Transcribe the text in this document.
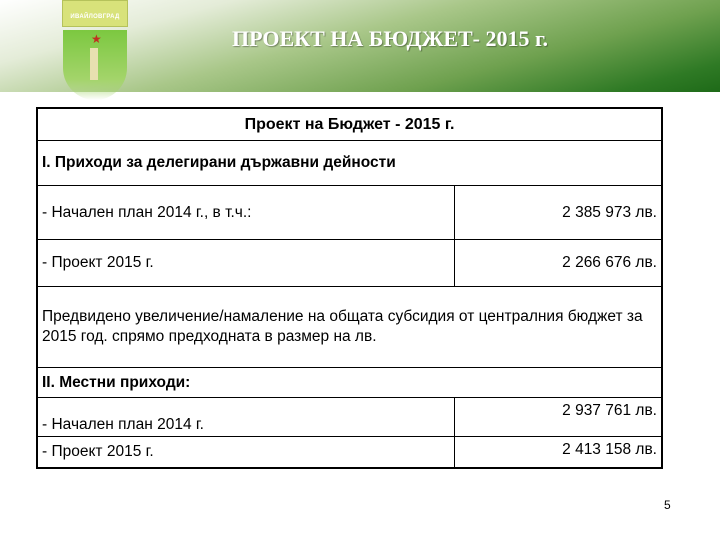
ИВАЙЛОВГРАД
★	ПРОЕКТ НА БЮДЖЕТ- 2015 г.
Проект на Бюджет - 2015 г.	
I. Приходи за делегирани държавни дейности	
- Начален план 2014 г., в т.ч.:	2 385 973 лв.
- Проект 2015 г.	2 266 676 лв.
Предвидено увеличение/намаление на общата субсидия от централния бюджет за 2015 год. спрямо предходната в размер на лв.	
II. Местни приходи:	
- Начален план 2014 г.	2 937 761 лв.
- Проект 2015 г.	2 413 158 лв.
5
